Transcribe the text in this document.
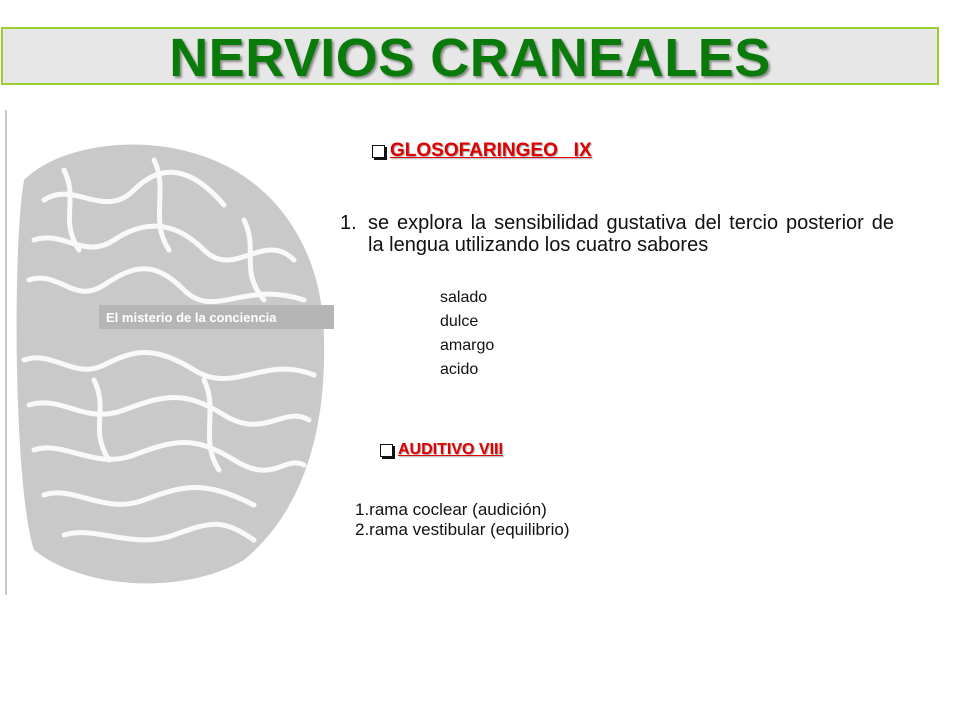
NERVIOS CRANEALES
El misterio de la conciencia
GLOSOFARINGEO   IX
1. se explora la sensibilidad gustativa del tercio posterior de la lengua utilizando los cuatro sabores
salado
dulce
amargo
acido
AUDITIVO VIII
1.rama coclear (audición)
2.rama vestibular (equilibrio)
